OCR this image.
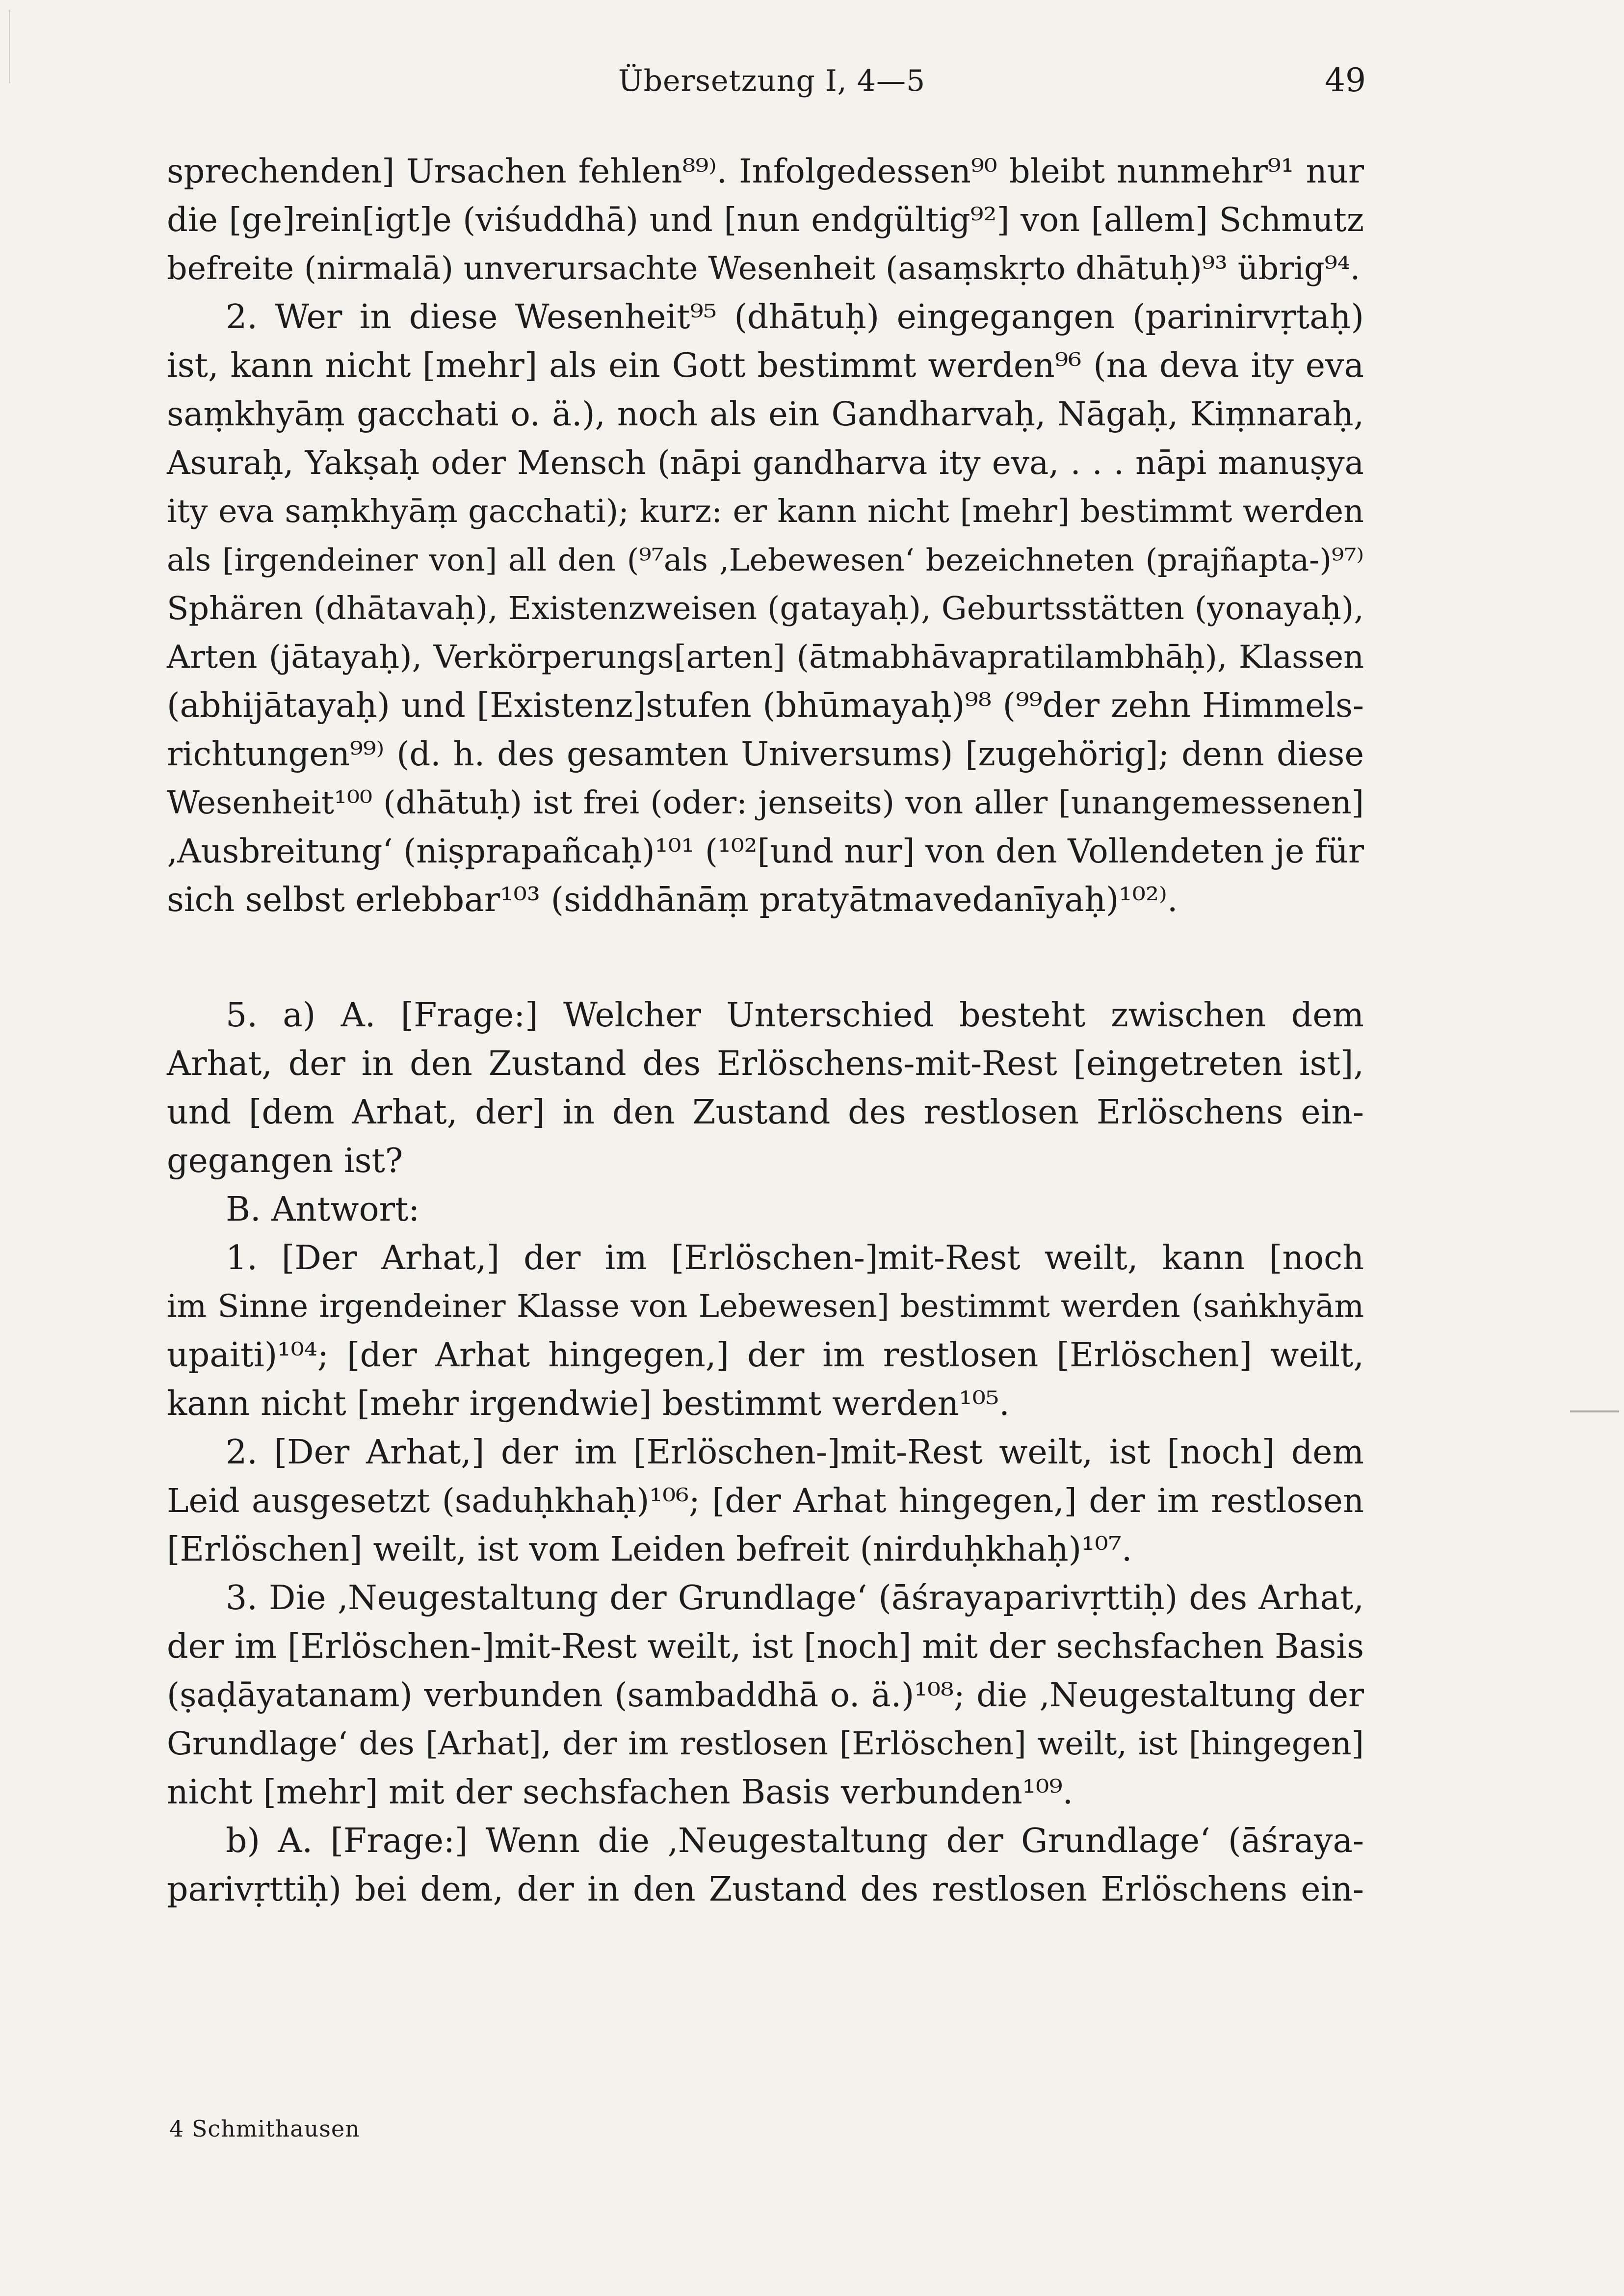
Übersetzung I, 4—5	49
sprechenden] Ursachen fehlen⁸⁹⁾. Infolgedessen⁹⁰ bleibt nunmehr⁹¹ nur
die [ge]rein[igt]e (viśuddhā) und [nun endgültig⁹²] von [allem] Schmutz
befreite (nirmalā) unverursachte Wesenheit (asaṃskṛto dhātuḥ)⁹³ übrig⁹⁴.
2. Wer in diese Wesenheit⁹⁵ (dhātuḥ) eingegangen (parinirvṛtaḥ)
ist, kann nicht [mehr] als ein Gott bestimmt werden⁹⁶ (na deva ity eva
saṃkhyāṃ gacchati o. ä.), noch als ein Gandharvaḥ, Nāgaḥ, Kiṃnaraḥ,
Asuraḥ, Yakṣaḥ oder Mensch (nāpi gandharva ity eva, . . . nāpi manuṣya
ity eva saṃkhyāṃ gacchati); kurz: er kann nicht [mehr] bestimmt werden
als [irgendeiner von] all den (⁹⁷als ‚Lebewesen‘ bezeichneten (prajñapta-)⁹⁷⁾
Sphären (dhātavaḥ), Existenzweisen (gatayaḥ), Geburtsstätten (yonayaḥ),
Arten (jātayaḥ), Verkörperungs[arten] (ātmabhāvapratilambhāḥ), Klassen
(abhijātayaḥ) und [Existenz]stufen (bhūmayaḥ)⁹⁸ (⁹⁹der zehn Himmels-
richtungen⁹⁹⁾ (d. h. des gesamten Universums) [zugehörig]; denn diese
Wesenheit¹⁰⁰ (dhātuḥ) ist frei (oder: jenseits) von aller [unangemessenen]
‚Ausbreitung‘ (niṣprapañcaḥ)¹⁰¹ (¹⁰²[und nur] von den Vollendeten je für
sich selbst erlebbar¹⁰³ (siddhānāṃ pratyātmavedanīyaḥ)¹⁰²⁾.
5. a) A. [Frage:] Welcher Unterschied besteht zwischen dem
Arhat, der in den Zustand des Erlöschens-mit-Rest [eingetreten ist],
und [dem Arhat, der] in den Zustand des restlosen Erlöschens ein-
gegangen ist?
B. Antwort:
1. [Der Arhat,] der im [Erlöschen-]mit-Rest weilt, kann [noch
im Sinne irgendeiner Klasse von Lebewesen] bestimmt werden (saṅkhyām
upaiti)¹⁰⁴; [der Arhat hingegen,] der im restlosen [Erlöschen] weilt,
kann nicht [mehr irgendwie] bestimmt werden¹⁰⁵.
2. [Der Arhat,] der im [Erlöschen-]mit-Rest weilt, ist [noch] dem
Leid ausgesetzt (saduḥkhaḥ)¹⁰⁶; [der Arhat hingegen,] der im restlosen
[Erlöschen] weilt, ist vom Leiden befreit (nirduḥkhaḥ)¹⁰⁷.
3. Die ‚Neugestaltung der Grundlage‘ (āśrayaparivṛttiḥ) des Arhat,
der im [Erlöschen-]mit-Rest weilt, ist [noch] mit der sechsfachen Basis
(ṣaḍāyatanam) verbunden (sambaddhā o. ä.)¹⁰⁸; die ‚Neugestaltung der
Grundlage‘ des [Arhat], der im restlosen [Erlöschen] weilt, ist [hingegen]
nicht [mehr] mit der sechsfachen Basis verbunden¹⁰⁹.
b) A. [Frage:] Wenn die ‚Neugestaltung der Grundlage‘ (āśraya-
parivṛttiḥ) bei dem, der in den Zustand des restlosen Erlöschens ein-
4 Schmithausen
